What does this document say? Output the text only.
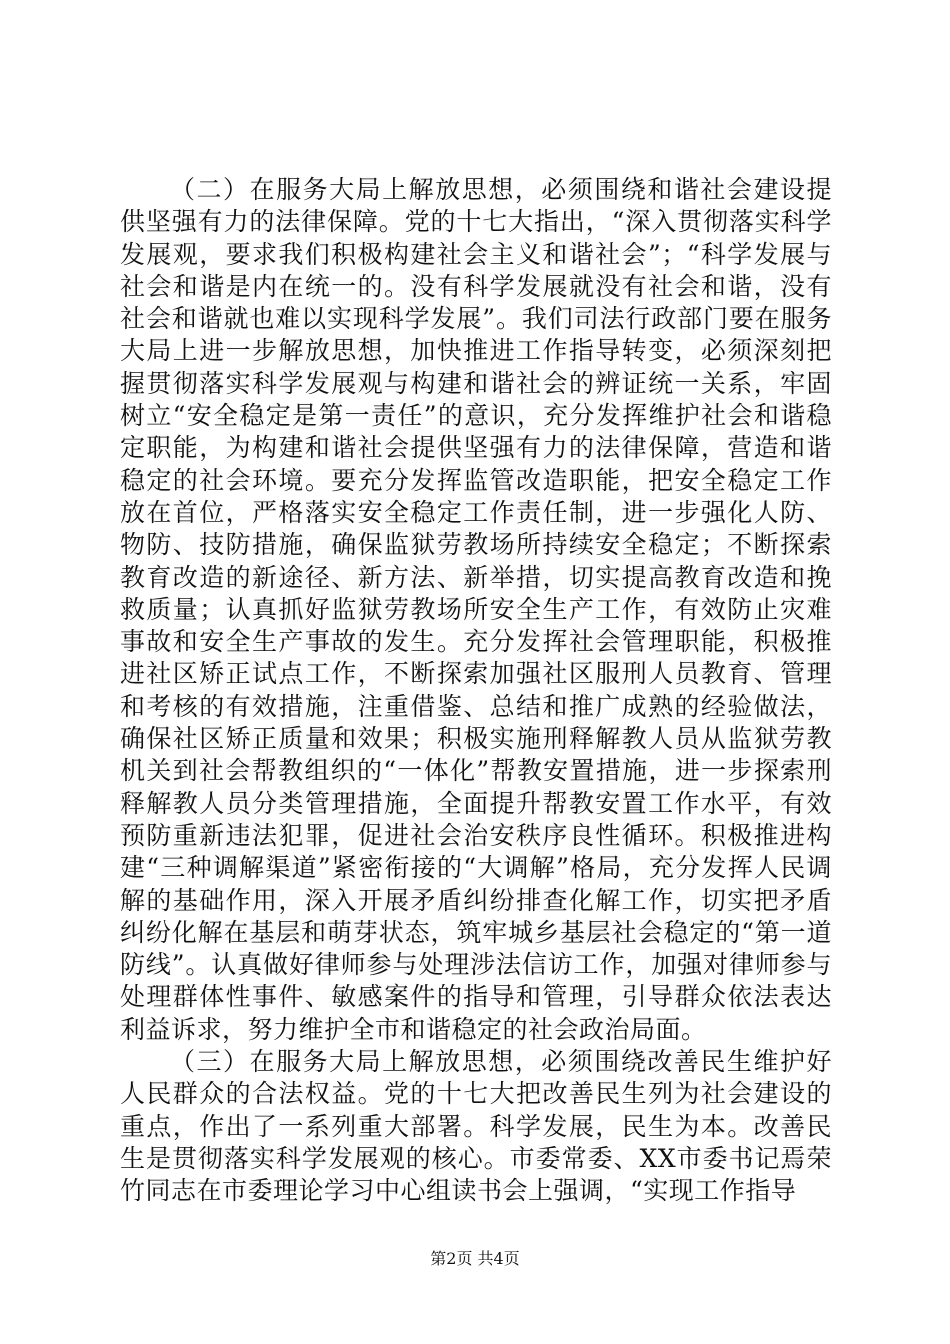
（二）在服务大局上解放思想，必须围绕和谐社会建设提供坚强有力的法律保障。党的十七大指出，“深入贯彻落实科学发展观，要求我们积极构建社会主义和谐社会”；“科学发展与社会和谐是内在统一的。没有科学发展就没有社会和谐，没有社会和谐就也难以实现科学发展”。我们司法行政部门要在服务大局上进一步解放思想，加快推进工作指导转变，必须深刻把握贯彻落实科学发展观与构建和谐社会的辨证统一关系，牢固树立“安全稳定是第一责任”的意识，充分发挥维护社会和谐稳定职能，为构建和谐社会提供坚强有力的法律保障，营造和谐稳定的社会环境。要充分发挥监管改造职能，把安全稳定工作放在首位，严格落实安全稳定工作责任制，进一步强化人防、物防、技防措施，确保监狱劳教场所持续安全稳定；不断探索教育改造的新途径、新方法、新举措，切实提高教育改造和挽救质量；认真抓好监狱劳教场所安全生产工作，有效防止灾难事故和安全生产事故的发生。充分发挥社会管理职能，积极推进社区矫正试点工作，不断探索加强社区服刑人员教育、管理和考核的有效措施，注重借鉴、总结和推广成熟的经验做法，确保社区矫正质量和效果；积极实施刑释解教人员从监狱劳教机关到社会帮教组织的“一体化”帮教安置措施，进一步探索刑释解教人员分类管理措施，全面提升帮教安置工作水平，有效预防重新违法犯罪，促进社会治安秩序良性循环。积极推进构建“三种调解渠道”紧密衔接的“大调解”格局，充分发挥人民调解的基础作用，深入开展矛盾纠纷排查化解工作，切实把矛盾纠纷化解在基层和萌芽状态，筑牢城乡基层社会稳定的“第一道防线”。认真做好律师参与处理涉法信访工作，加强对律师参与处理群体性事件、敏感案件的指导和管理，引导群众依法表达利益诉求，努力维护全市和谐稳定的社会政治局面。

（三）在服务大局上解放思想，必须围绕改善民生维护好人民群众的合法权益。党的十七大把改善民生列为社会建设的重点，作出了一系列重大部署。科学发展，民生为本。改善民生是贯彻落实科学发展观的核心。市委常委、XX市委书记焉荣竹同志在市委理论学习中心组读书会上强调，“实现工作指导

第2页 共4页
